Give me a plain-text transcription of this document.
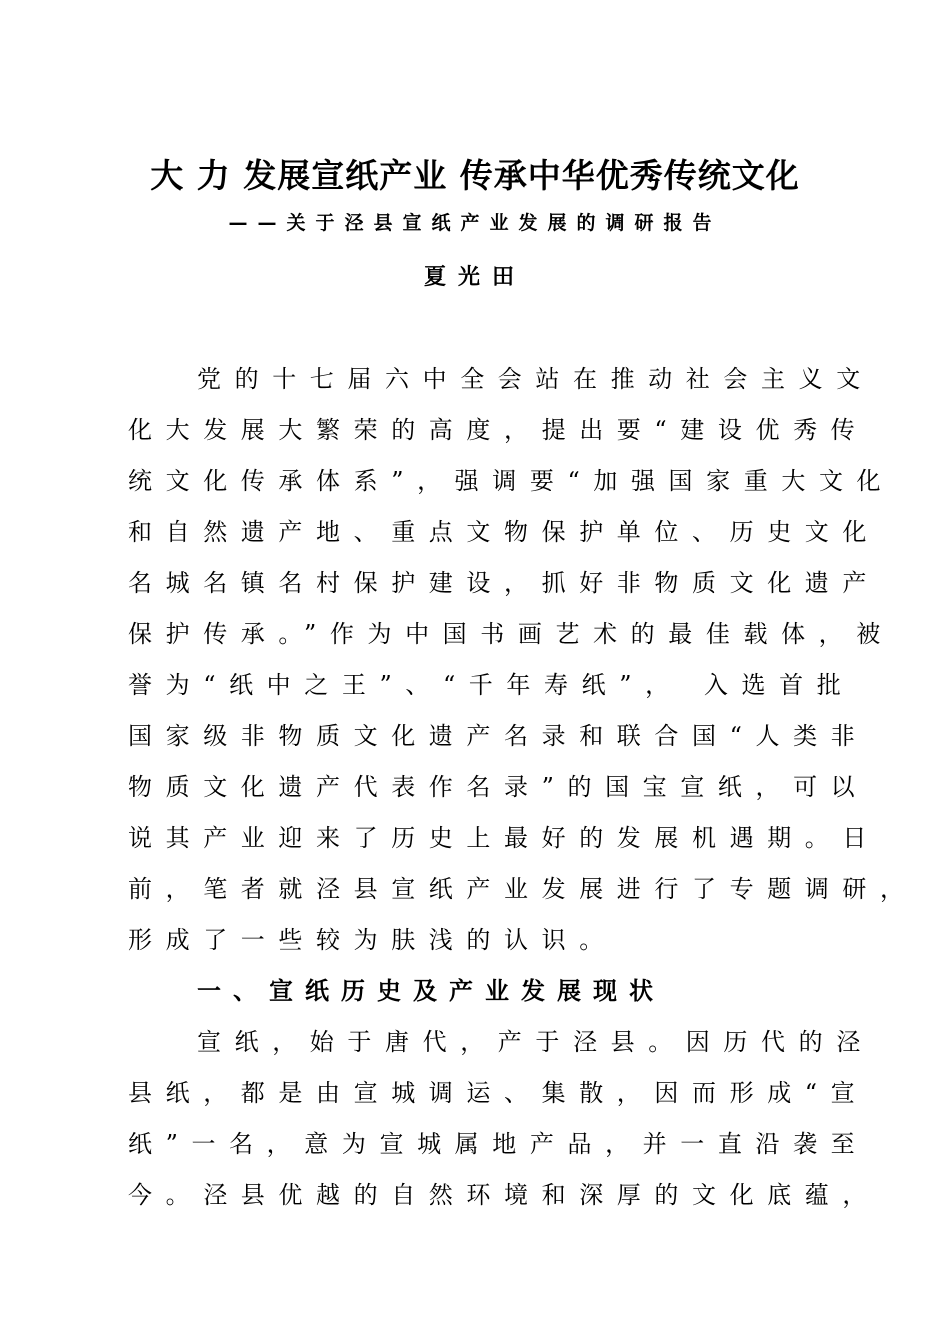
大 力 发展宣纸产业 传承中华优秀传统文化
——关于泾县宣纸产业发展的调研报告
夏光田
党的十七届六中全会站在推动社会主义文
化大发展大繁荣的高度，提出要“建设优秀传
统文化传承体系”，强调要“加强国家重大文化
和自然遗产地、重点文物保护单位、历史文化
名城名镇名村保护建设，抓好非物质文化遗产
保护传承。”作为中国书画艺术的最佳载体，被
誉为“纸中之王”、“千年寿纸”， 入选首批
国家级非物质文化遗产名录和联合国“人类非
物质文化遗产代表作名录”的国宝宣纸，可以
说其产业迎来了历史上最好的发展机遇期。日
前，笔者就泾县宣纸产业发展进行了专题调研，
形成了一些较为肤浅的认识。
一、宣纸历史及产业发展现状
宣纸，始于唐代，产于泾县。因历代的泾
县纸，都是由宣城调运、集散，因而形成“宣
纸”一名，意为宣城属地产品，并一直沿袭至
今。泾县优越的自然环境和深厚的文化底蕴，
